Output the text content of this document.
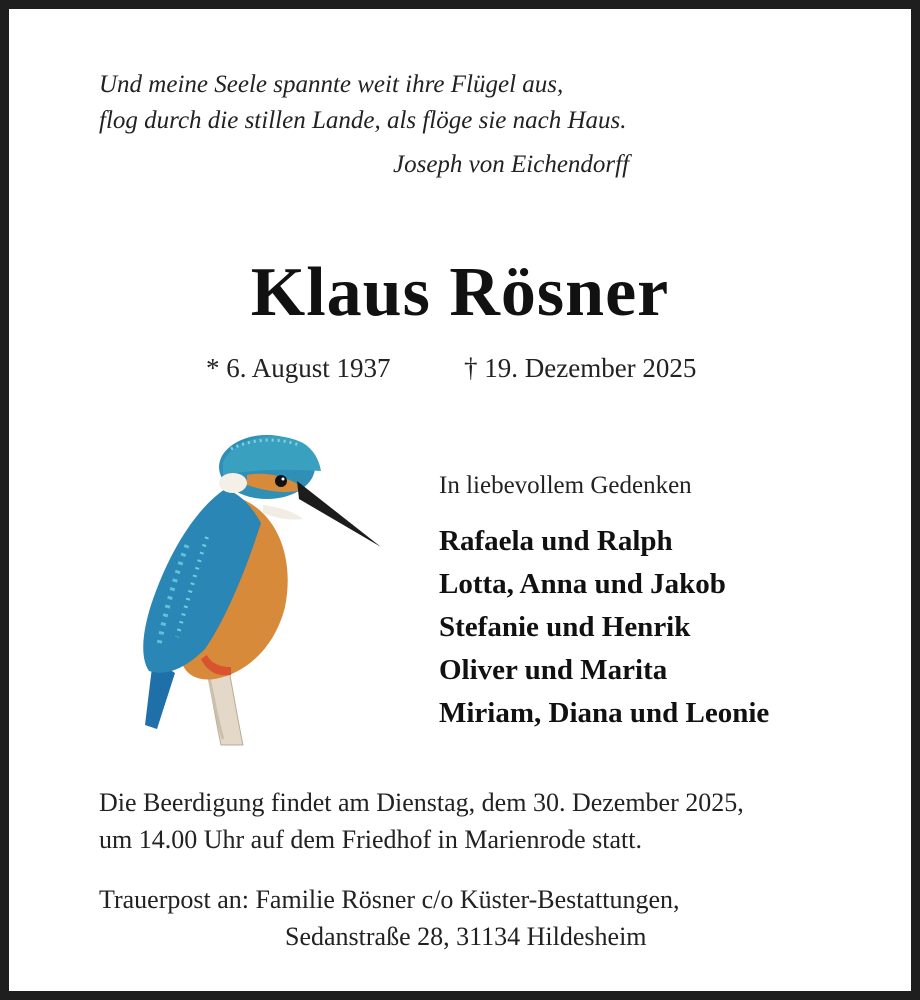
Und meine Seele spannte weit ihre Flügel aus,
flog durch die stillen Lande, als flöge sie nach Haus.
Joseph von Eichendorff
Klaus Rösner
* 6. August 1937	† 19. Dezember 2025
In liebevollem Gedenken
Rafaela und Ralph
Lotta, Anna und Jakob
Stefanie und Henrik
Oliver und Marita
Miriam, Diana und Leonie
Die Beerdigung findet am Dienstag, dem 30. Dezember 2025,
um 14.00 Uhr auf dem Friedhof in Marienrode statt.
Trauerpost an: Familie Rösner c/o Küster-Bestattungen,
Sedanstraße 28, 31134 Hildesheim
